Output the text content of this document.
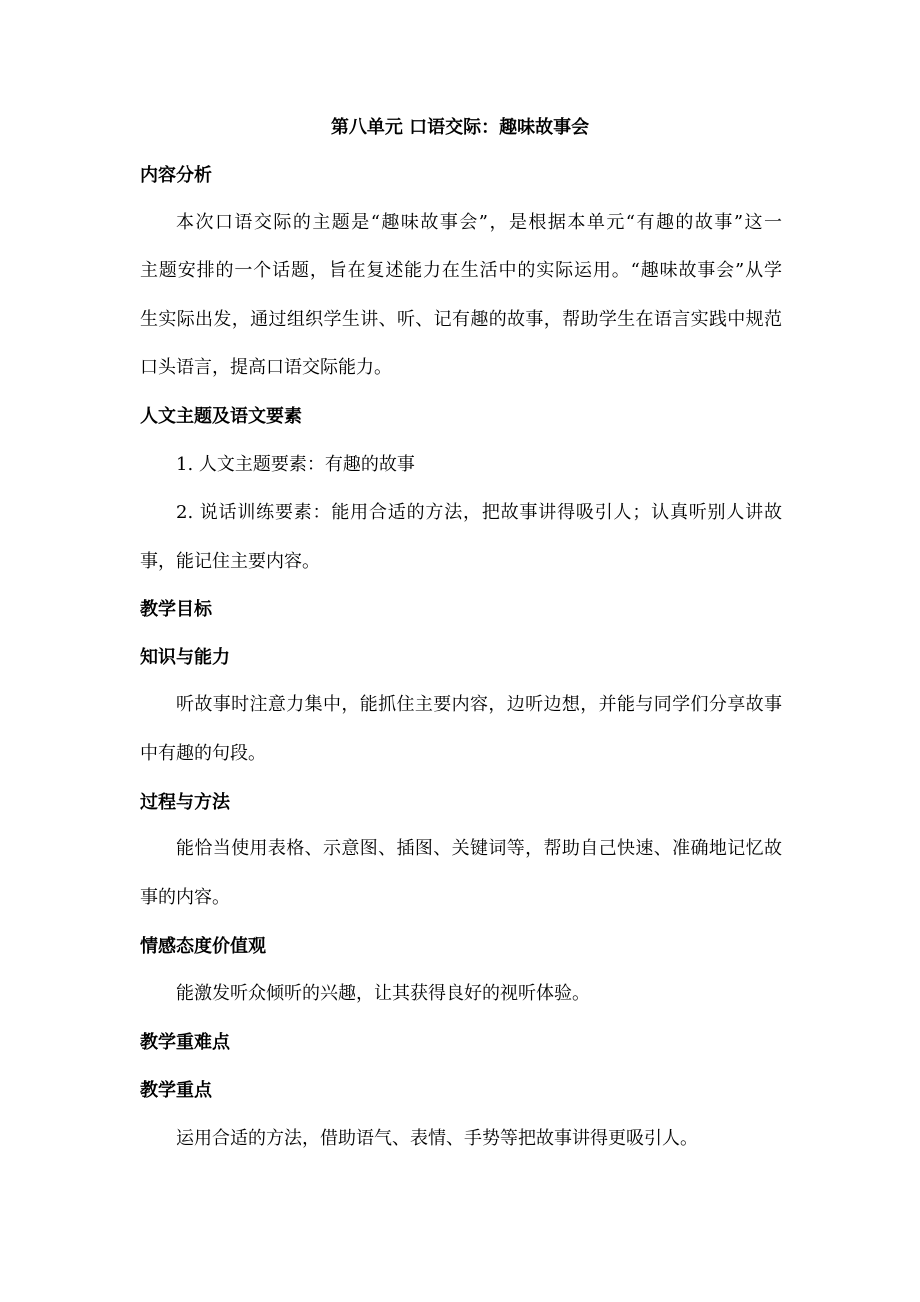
第八单元 口语交际：趣味故事会
内容分析
本次口语交际的主题是“趣味故事会”，是根据本单元“有趣的故事”这一
主题安排的一个话题，旨在复述能力在生活中的实际运用。“趣味故事会”从学
生实际出发，通过组织学生讲、听、记有趣的故事，帮助学生在语言实践中规范
口头语言，提高口语交际能力。
人文主题及语文要素
1. 人文主题要素：有趣的故事
2. 说话训练要素：能用合适的方法，把故事讲得吸引人；认真听别人讲故
事，能记住主要内容。
教学目标
知识与能力
听故事时注意力集中，能抓住主要内容，边听边想，并能与同学们分享故事
中有趣的句段。
过程与方法
能恰当使用表格、示意图、插图、关键词等，帮助自己快速、准确地记忆故
事的内容。
情感态度价值观
能激发听众倾听的兴趣，让其获得良好的视听体验。
教学重难点
教学重点
运用合适的方法，借助语气、表情、手势等把故事讲得更吸引人。
